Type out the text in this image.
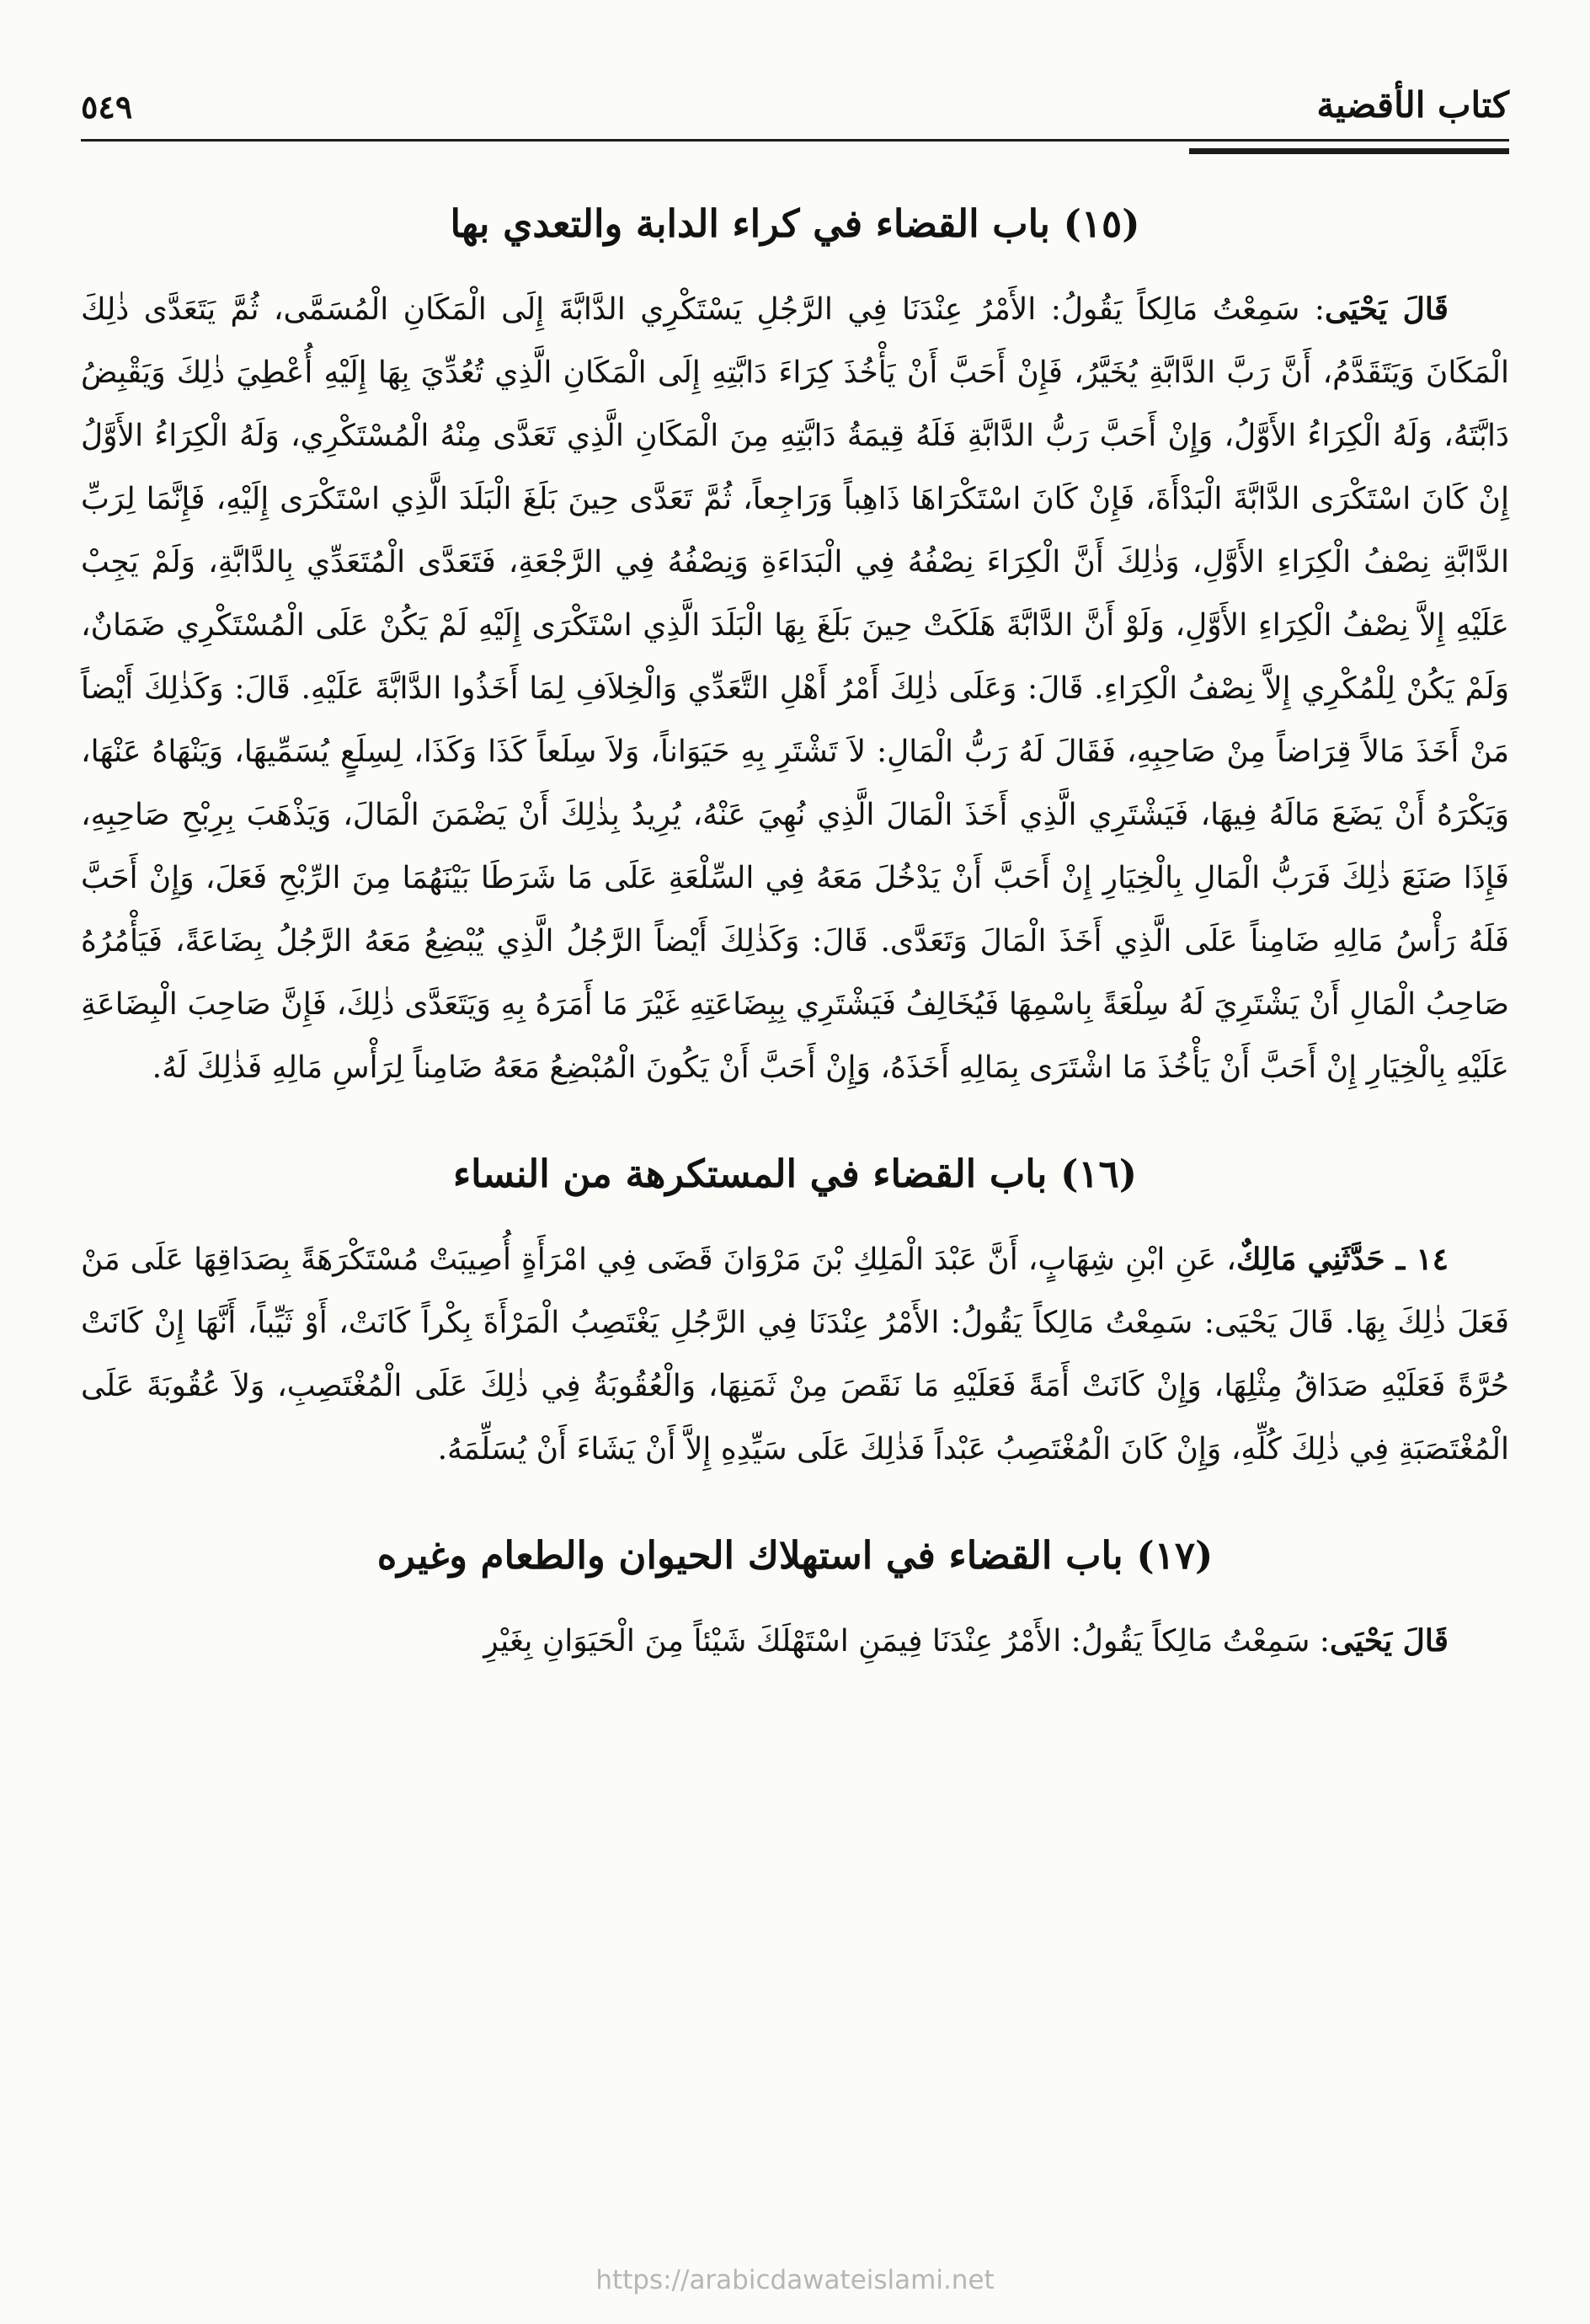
كتاب الأقضية
٥٤٩
(١٥) باب القضاء في كراء الدابة والتعدي بها

قَالَ يَحْيَى: سَمِعْتُ مَالِكاً يَقُولُ: الأَمْرُ عِنْدَنَا فِي الرَّجُلِ يَسْتَكْرِي الدَّابَّةَ إِلَى الْمَكَانِ الْمُسَمَّى، ثُمَّ يَتَعَدَّى ذٰلِكَ الْمَكَانَ وَيَتَقَدَّمُ، أَنَّ رَبَّ الدَّابَّةِ يُخَيَّرُ، فَإِنْ أَحَبَّ أَنْ يَأْخُذَ كِرَاءَ دَابَّتِهِ إِلَى الْمَكَانِ الَّذِي تُعُدِّيَ بِهَا إِلَيْهِ أُعْطِيَ ذٰلِكَ وَيَقْبِضُ دَابَّتَهُ، وَلَهُ الْكِرَاءُ الأَوَّلُ، وَإِنْ أَحَبَّ رَبُّ الدَّابَّةِ فَلَهُ قِيمَةُ دَابَّتِهِ مِنَ الْمَكَانِ الَّذِي تَعَدَّى مِنْهُ الْمُسْتَكْرِي، وَلَهُ الْكِرَاءُ الأَوَّلُ إِنْ كَانَ اسْتَكْرَى الدَّابَّةَ الْبَدْأَةَ، فَإِنْ كَانَ اسْتَكْرَاهَا ذَاهِباً وَرَاجِعاً، ثُمَّ تَعَدَّى حِينَ بَلَغَ الْبَلَدَ الَّذِي اسْتَكْرَى إِلَيْهِ، فَإِنَّمَا لِرَبِّ الدَّابَّةِ نِصْفُ الْكِرَاءِ الأَوَّلِ، وَذٰلِكَ أَنَّ الْكِرَاءَ نِصْفُهُ فِي الْبَدَاءَةِ وَنِصْفُهُ فِي الرَّجْعَةِ، فَتَعَدَّى الْمُتَعَدِّي بِالدَّابَّةِ، وَلَمْ يَجِبْ عَلَيْهِ إِلاَّ نِصْفُ الْكِرَاءِ الأَوَّلِ، وَلَوْ أَنَّ الدَّابَّةَ هَلَكَتْ حِينَ بَلَغَ بِهَا الْبَلَدَ الَّذِي اسْتَكْرَى إِلَيْهِ لَمْ يَكُنْ عَلَى الْمُسْتَكْرِي ضَمَانٌ، وَلَمْ يَكُنْ لِلْمُكْرِي إِلاَّ نِصْفُ الْكِرَاءِ. قَالَ: وَعَلَى ذٰلِكَ أَمْرُ أَهْلِ التَّعَدِّي وَالْخِلاَفِ لِمَا أَخَذُوا الدَّابَّةَ عَلَيْهِ. قَالَ: وَكَذٰلِكَ أَيْضاً مَنْ أَخَذَ مَالاً قِرَاضاً مِنْ صَاحِبِهِ، فَقَالَ لَهُ رَبُّ الْمَالِ: لاَ تَشْتَرِ بِهِ حَيَوَاناً، وَلاَ سِلَعاً كَذَا وَكَذَا، لِسِلَعٍ يُسَمِّيهَا، وَيَنْهَاهُ عَنْهَا، وَيَكْرَهُ أَنْ يَضَعَ مَالَهُ فِيهَا، فَيَشْتَرِي الَّذِي أَخَذَ الْمَالَ الَّذِي نُهِيَ عَنْهُ، يُرِيدُ بِذٰلِكَ أَنْ يَضْمَنَ الْمَالَ، وَيَذْهَبَ بِرِبْحِ صَاحِبِهِ، فَإِذَا صَنَعَ ذٰلِكَ فَرَبُّ الْمَالِ بِالْخِيَارِ إِنْ أَحَبَّ أَنْ يَدْخُلَ مَعَهُ فِي السِّلْعَةِ عَلَى مَا شَرَطَا بَيْنَهُمَا مِنَ الرِّبْحِ فَعَلَ، وَإِنْ أَحَبَّ فَلَهُ رَأْسُ مَالِهِ ضَامِناً عَلَى الَّذِي أَخَذَ الْمَالَ وَتَعَدَّى. قَالَ: وَكَذٰلِكَ أَيْضاً الرَّجُلُ الَّذِي يُبْضِعُ مَعَهُ الرَّجُلُ بِضَاعَةً، فَيَأْمُرُهُ صَاحِبُ الْمَالِ أَنْ يَشْتَرِيَ لَهُ سِلْعَةً بِاسْمِهَا فَيُخَالِفُ فَيَشْتَرِي بِبِضَاعَتِهِ غَيْرَ مَا أَمَرَهُ بِهِ وَيَتَعَدَّى ذٰلِكَ، فَإِنَّ صَاحِبَ الْبِضَاعَةِ عَلَيْهِ بِالْخِيَارِ إِنْ أَحَبَّ أَنْ يَأْخُذَ مَا اشْتَرَى بِمَالِهِ أَخَذَهُ، وَإِنْ أَحَبَّ أَنْ يَكُونَ الْمُبْضِعُ مَعَهُ ضَامِناً لِرَأْسِ مَالِهِ فَذٰلِكَ لَهُ.

(١٦) باب القضاء في المستكرهة من النساء

١٤ ـ حَدَّثَنِي مَالِكٌ، عَنِ ابْنِ شِهَابٍ، أَنَّ عَبْدَ الْمَلِكِ بْنَ مَرْوَانَ قَضَى فِي امْرَأَةٍ أُصِيبَتْ مُسْتَكْرَهَةً بِصَدَاقِهَا عَلَى مَنْ فَعَلَ ذٰلِكَ بِهَا. قَالَ يَحْيَى: سَمِعْتُ مَالِكاً يَقُولُ: الأَمْرُ عِنْدَنَا فِي الرَّجُلِ يَغْتَصِبُ الْمَرْأَةَ بِكْراً كَانَتْ، أَوْ ثَيِّباً، أَنَّهَا إِنْ كَانَتْ حُرَّةً فَعَلَيْهِ صَدَاقُ مِثْلِهَا، وَإِنْ كَانَتْ أَمَةً فَعَلَيْهِ مَا نَقَصَ مِنْ ثَمَنِهَا، وَالْعُقُوبَةُ فِي ذٰلِكَ عَلَى الْمُغْتَصِبِ، وَلاَ عُقُوبَةَ عَلَى الْمُغْتَصَبَةِ فِي ذٰلِكَ كُلِّهِ، وَإِنْ كَانَ الْمُغْتَصِبُ عَبْداً فَذٰلِكَ عَلَى سَيِّدِهِ إِلاَّ أَنْ يَشَاءَ أَنْ يُسَلِّمَهُ.

(١٧) باب القضاء في استهلاك الحيوان والطعام وغيره

قَالَ يَحْيَى: سَمِعْتُ مَالِكاً يَقُولُ: الأَمْرُ عِنْدَنَا فِيمَنِ اسْتَهْلَكَ شَيْئاً مِنَ الْحَيَوَانِ بِغَيْرِ

https://arabicdawateislami.net
